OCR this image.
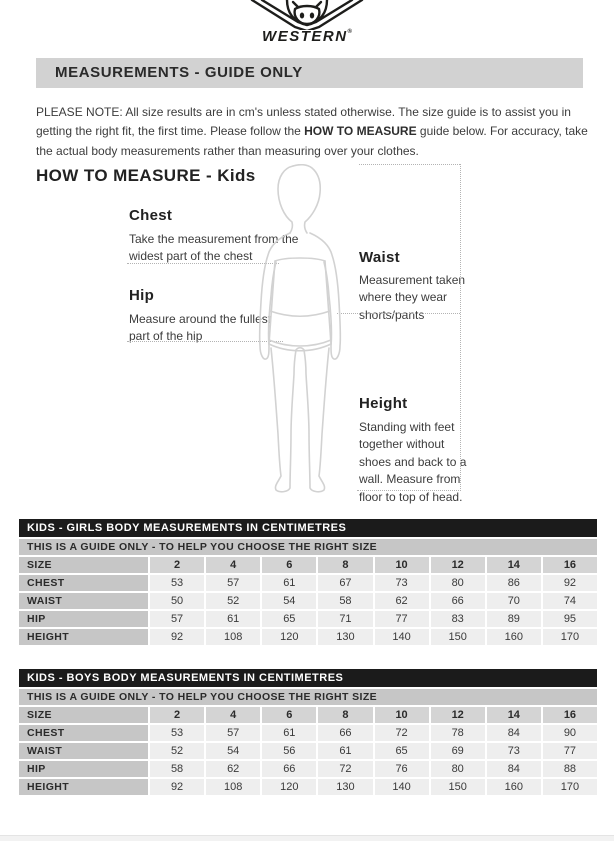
WESTERN®
MEASUREMENTS - GUIDE ONLY

PLEASE NOTE: All size results are in cm's unless stated otherwise. The size guide is to assist you in getting the right fit, the first time. Please follow the HOW TO MEASURE guide below. For accuracy, take the actual body measurements rather than measuring over your clothes.

HOW TO MEASURE - Kids
Chest
Take the measurement from the widest part of the chest
Hip
Measure around the fullest part of the hip
Waist
Measurement taken where they wear shorts/pants
Height
Standing with feet together without shoes and back to a wall. Measure from floor to top of head.
KIDS - GIRLS BODY MEASUREMENTS IN CENTIMETRES
THIS IS A GUIDE ONLY - TO HELP YOU CHOOSE THE RIGHT SIZE
SIZE	2	4	6	8	10	12	14	16
CHEST	53	57	61	67	73	80	86	92
WAIST	50	52	54	58	62	66	70	74
HIP	57	61	65	71	77	83	89	95
HEIGHT	92	108	120	130	140	150	160	170
KIDS - BOYS BODY MEASUREMENTS IN CENTIMETRES
THIS IS A GUIDE ONLY - TO HELP YOU CHOOSE THE RIGHT SIZE
SIZE	2	4	6	8	10	12	14	16
CHEST	53	57	61	66	72	78	84	90
WAIST	52	54	56	61	65	69	73	77
HIP	58	62	66	72	76	80	84	88
HEIGHT	92	108	120	130	140	150	160	170
